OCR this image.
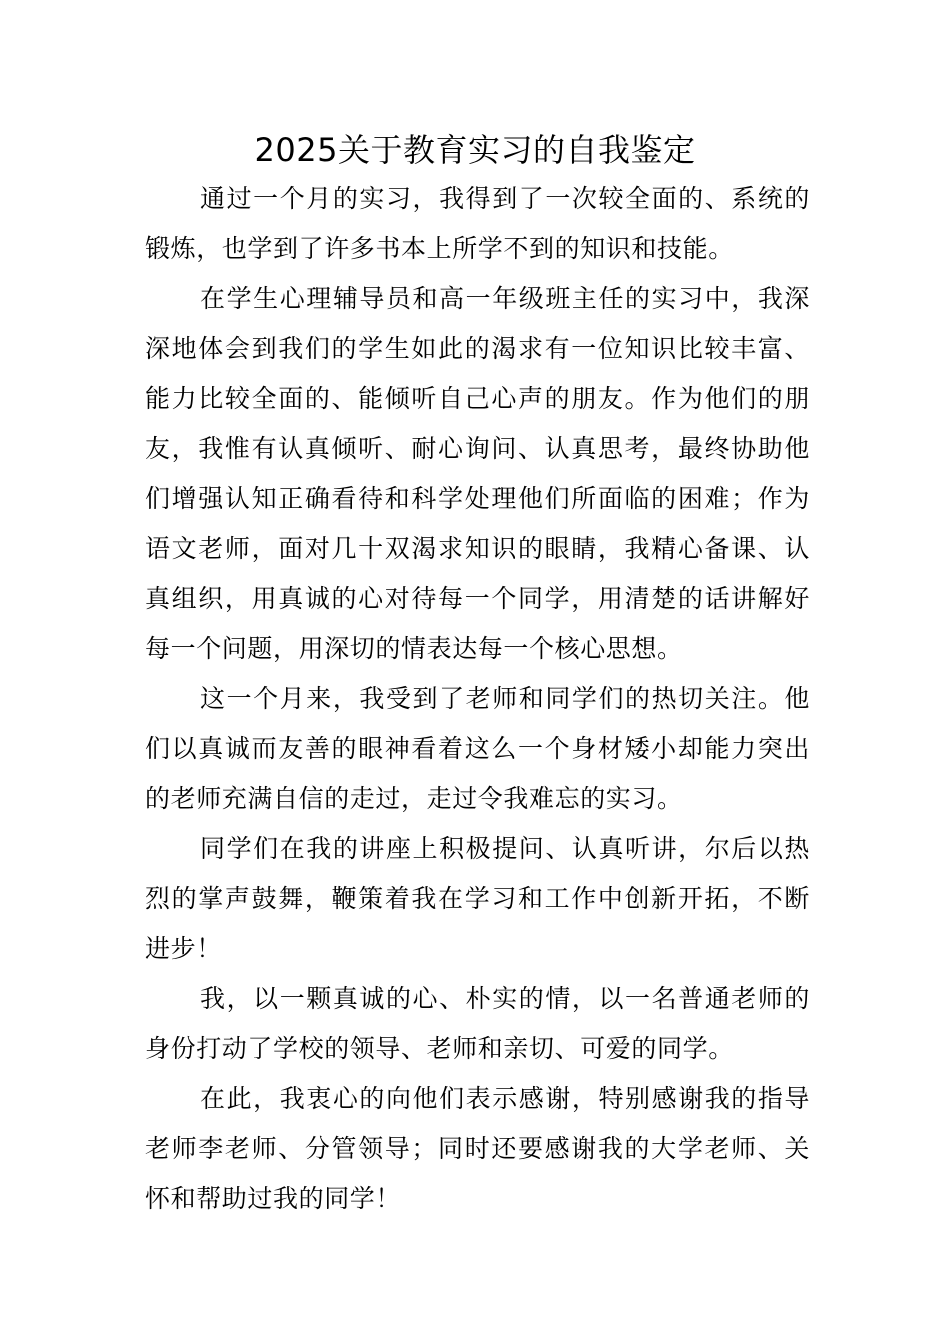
2025关于教育实习的自我鉴定

通过一个月的实习，我得到了一次较全面的、系统的锻炼，也学到了许多书本上所学不到的知识和技能。

在学生心理辅导员和高一年级班主任的实习中，我深深地体会到我们的学生如此的渴求有一位知识比较丰富、能力比较全面的、能倾听自己心声的朋友。作为他们的朋友，我惟有认真倾听、耐心询问、认真思考，最终协助他们增强认知正确看待和科学处理他们所面临的困难；作为语文老师，面对几十双渴求知识的眼睛，我精心备课、认真组织，用真诚的心对待每一个同学，用清楚的话讲解好每一个问题，用深切的情表达每一个核心思想。

这一个月来，我受到了老师和同学们的热切关注。他们以真诚而友善的眼神看着这么一个身材矮小却能力突出的老师充满自信的走过，走过令我难忘的实习。

同学们在我的讲座上积极提问、认真听讲，尔后以热烈的掌声鼓舞，鞭策着我在学习和工作中创新开拓，不断进步！

我，以一颗真诚的心、朴实的情，以一名普通老师的身份打动了学校的领导、老师和亲切、可爱的同学。

在此，我衷心的向他们表示感谢，特别感谢我的指导老师李老师、分管领导；同时还要感谢我的大学老师、关怀和帮助过我的同学！
